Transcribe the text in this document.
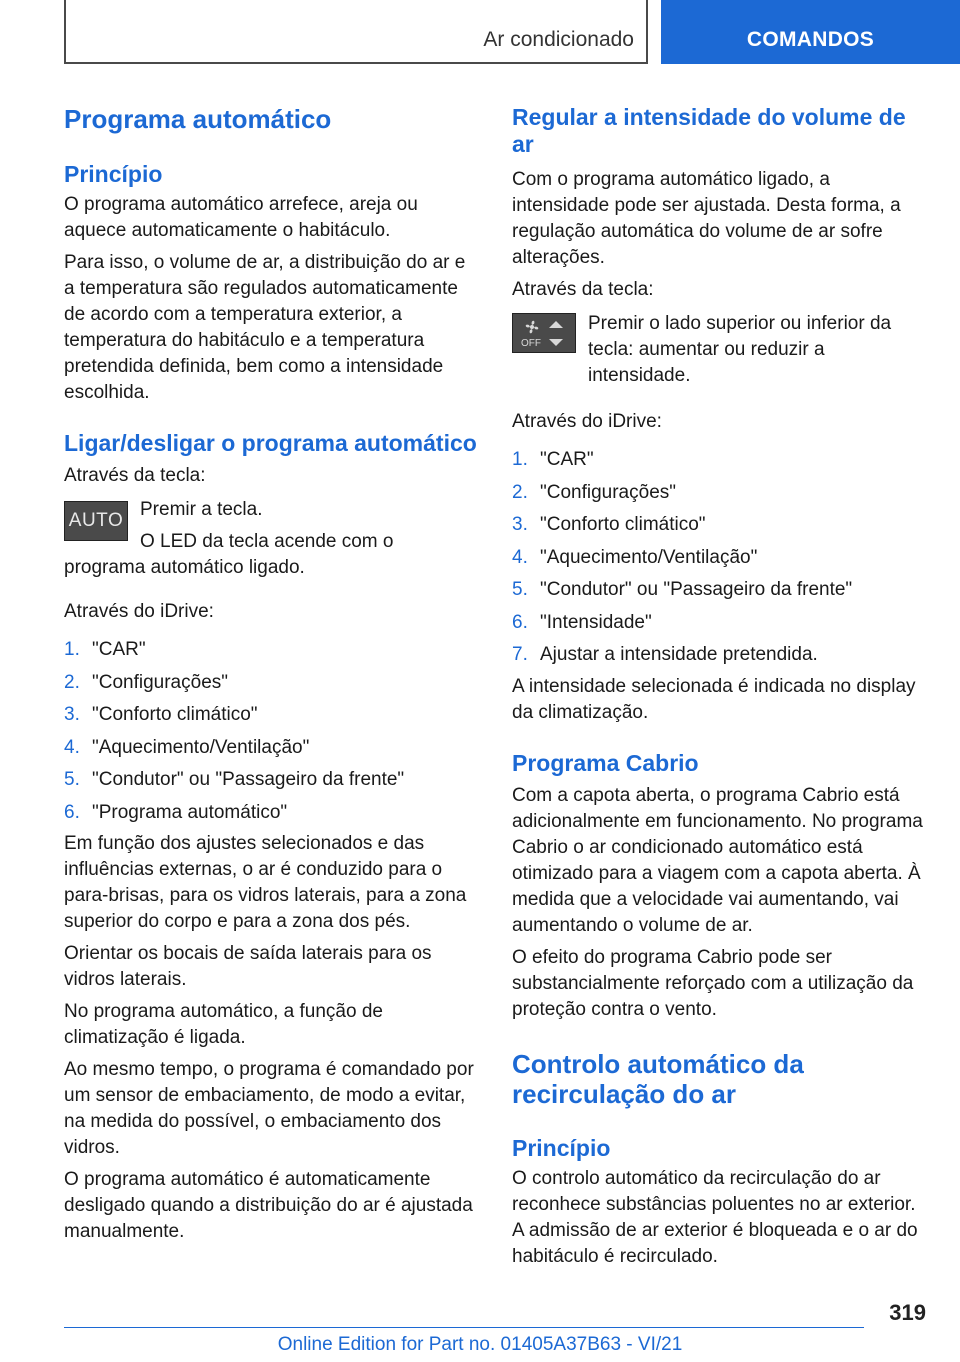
Ar condicionado	COMANDOS
Programa automático
Princípio

O programa automático arrefece, areja ou aquece automaticamente o habitáculo.

Para isso, o volume de ar, a distribuição do ar e a temperatura são regulados automaticamente de acordo com a temperatura exterior, a temperatura do habitáculo e a temperatura pretendida definida, bem como a intensidade escolhida.

Ligar/desligar o programa automático

Através da tecla:

AUTO

Premir a tecla.

O LED da tecla acende com o programa automático ligado.

Através do iDrive:

1. "CAR"
2. "Configurações"
3. "Conforto climático"
4. "Aquecimento/Ventilação"
5. "Condutor" ou "Passageiro da frente"
6. "Programa automático"

Em função dos ajustes selecionados e das influências externas, o ar é conduzido para o para-brisas, para os vidros laterais, para a zona superior do corpo e para a zona dos pés.

Orientar os bocais de saída laterais para os vidros laterais.

No programa automático, a função de climatização é ligada.

Ao mesmo tempo, o programa é comandado por um sensor de embaciamento, de modo a evitar, na medida do possível, o embaciamento dos vidros.

O programa automático é automaticamente desligado quando a distribuição do ar é ajustada manualmente.

Regular a intensidade do volume de ar

Com o programa automático ligado, a intensidade pode ser ajustada. Desta forma, a regulação automática do volume de ar sofre alterações.

Através da tecla:

OFF

Premir o lado superior ou inferior da tecla: aumentar ou reduzir a intensidade.

Através do iDrive:

1. "CAR"
2. "Configurações"
3. "Conforto climático"
4. "Aquecimento/Ventilação"
5. "Condutor" ou "Passageiro da frente"
6. "Intensidade"
7. Ajustar a intensidade pretendida.

A intensidade selecionada é indicada no display da climatização.

Programa Cabrio

Com a capota aberta, o programa Cabrio está adicionalmente em funcionamento. No programa Cabrio o ar condicionado automático está otimizado para a viagem com a capota aberta. À medida que a velocidade vai aumentando, vai aumentando o volume de ar.

O efeito do programa Cabrio pode ser substancialmente reforçado com a utilização da proteção contra o vento.

Controlo automático da recirculação do ar
Princípio

O controlo automático da recirculação do ar reconhece substâncias poluentes no ar exterior. A admissão de ar exterior é bloqueada e o ar do habitáculo é recirculado.

319
Online Edition for Part no. 01405A37B63 - VI/21
